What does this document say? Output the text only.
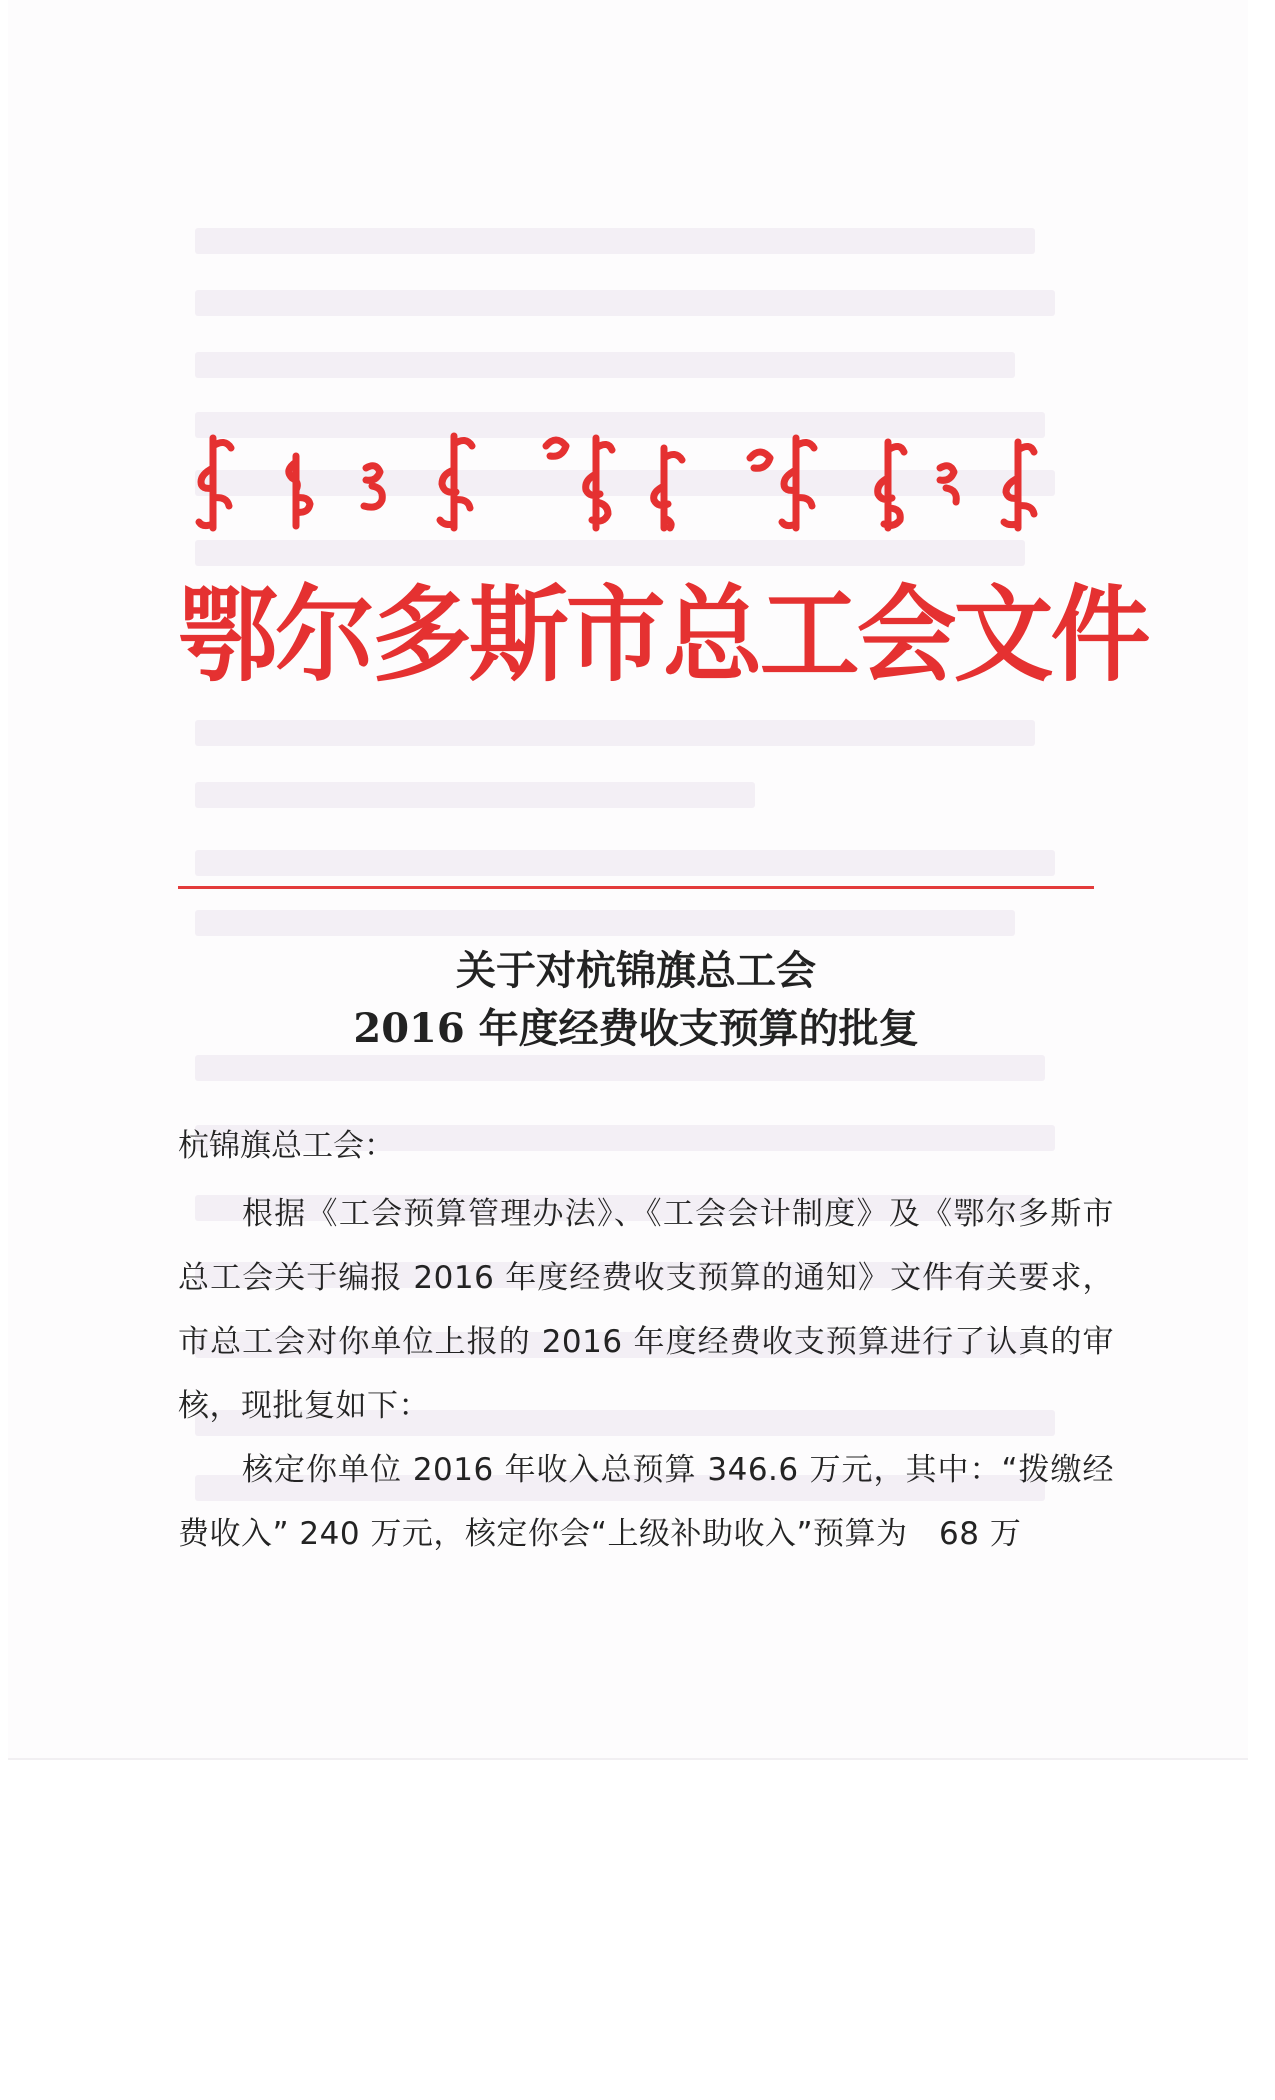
鄂尔多斯市总工会文件
关于对杭锦旗总工会
2016 年度经费收支预算的批复
杭锦旗总工会：

根据《工会预算管理办法》、《工会会计制度》及《鄂尔多斯市总工会关于编报 2016 年度经费收支预算的通知》文件有关要求，市总工会对你单位上报的 2016 年度经费收支预算进行了认真的审核，现批复如下：

核定你单位 2016 年收入总预算 346.6 万元，其中：“拨缴经费收入” 240 万元，核定你会“上级补助收入”预算为　68 万
